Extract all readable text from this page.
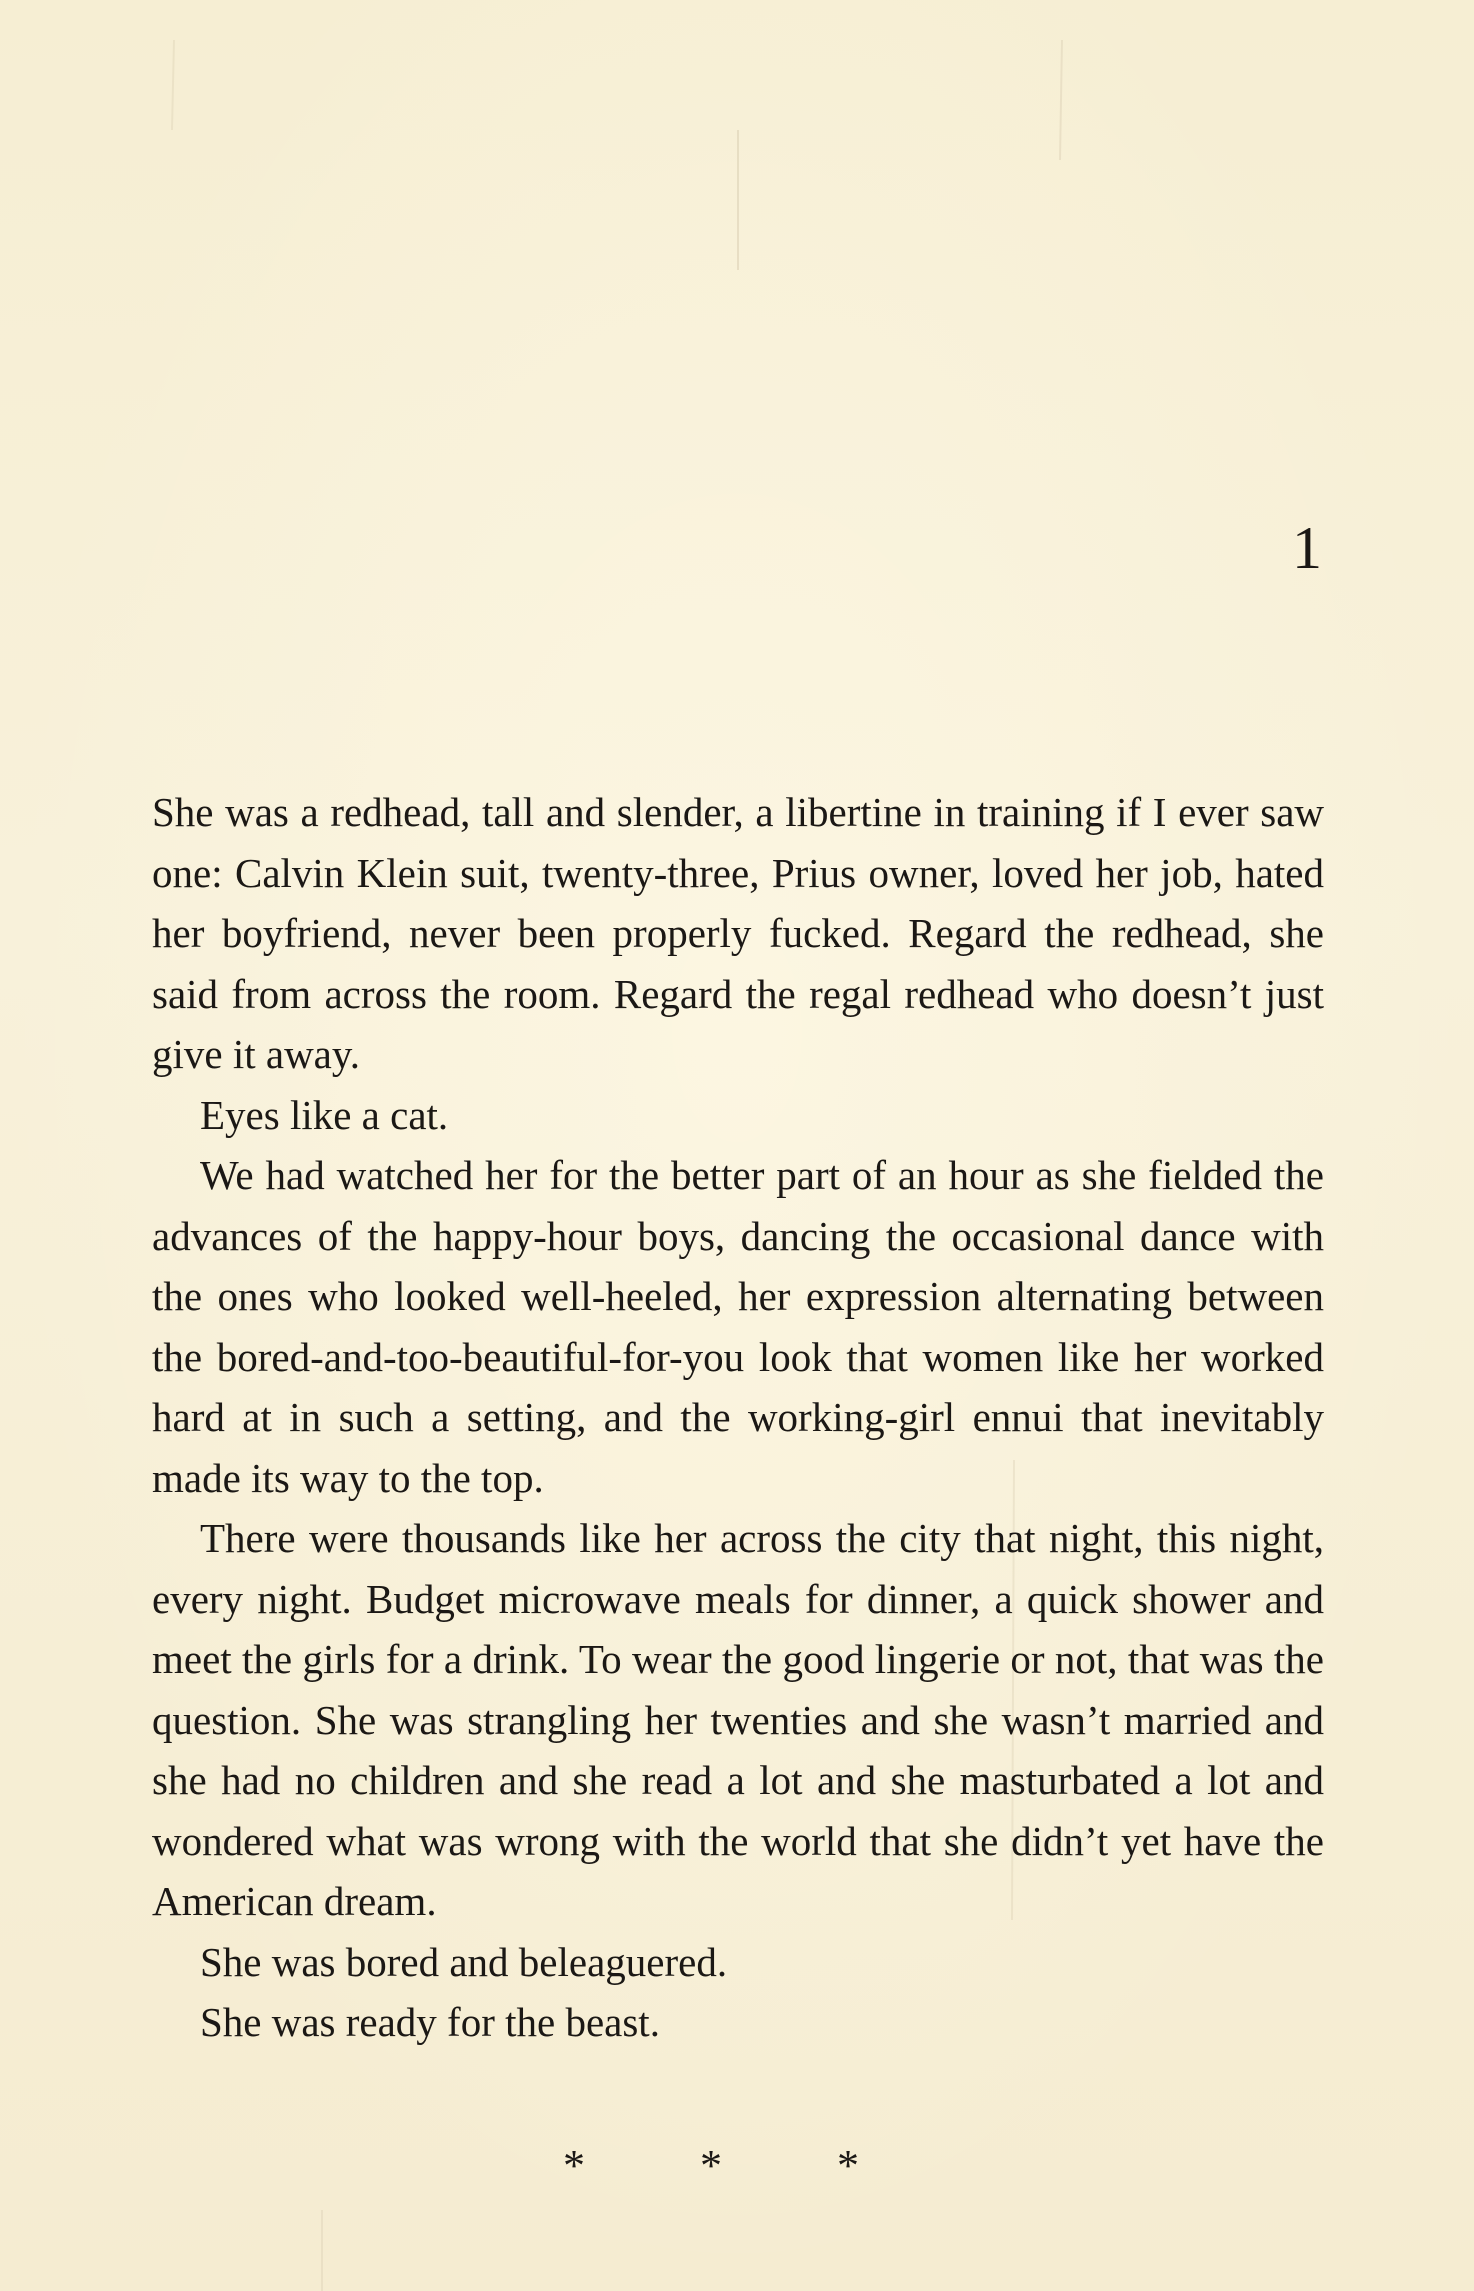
1

She was a redhead, tall and slender, a libertine in training if I ever saw one: Calvin Klein suit, twenty-three, Prius owner, loved her job, hated her boyfriend, never been properly fucked. Regard the redhead, she said from across the room. Regard the regal redhead who doesn’t just give it away.

Eyes like a cat.

We had watched her for the better part of an hour as she fielded the advances of the happy-hour boys, dancing the occasional dance with the ones who looked well-heeled, her expression alternating between the bored-and-too-beautiful-for-you look that women like her worked hard at in such a setting, and the working-girl ennui that inevitably made its way to the top.

There were thousands like her across the city that night, this night, every night. Budget microwave meals for dinner, a quick shower and meet the girls for a drink. To wear the good lingerie or not, that was the question. She was strangling her twenties and she wasn’t married and she had no children and she read a lot and she masturbated a lot and wondered what was wrong with the world that she didn’t yet have the American dream.

She was bored and beleaguered.

She was ready for the beast.

* * *
